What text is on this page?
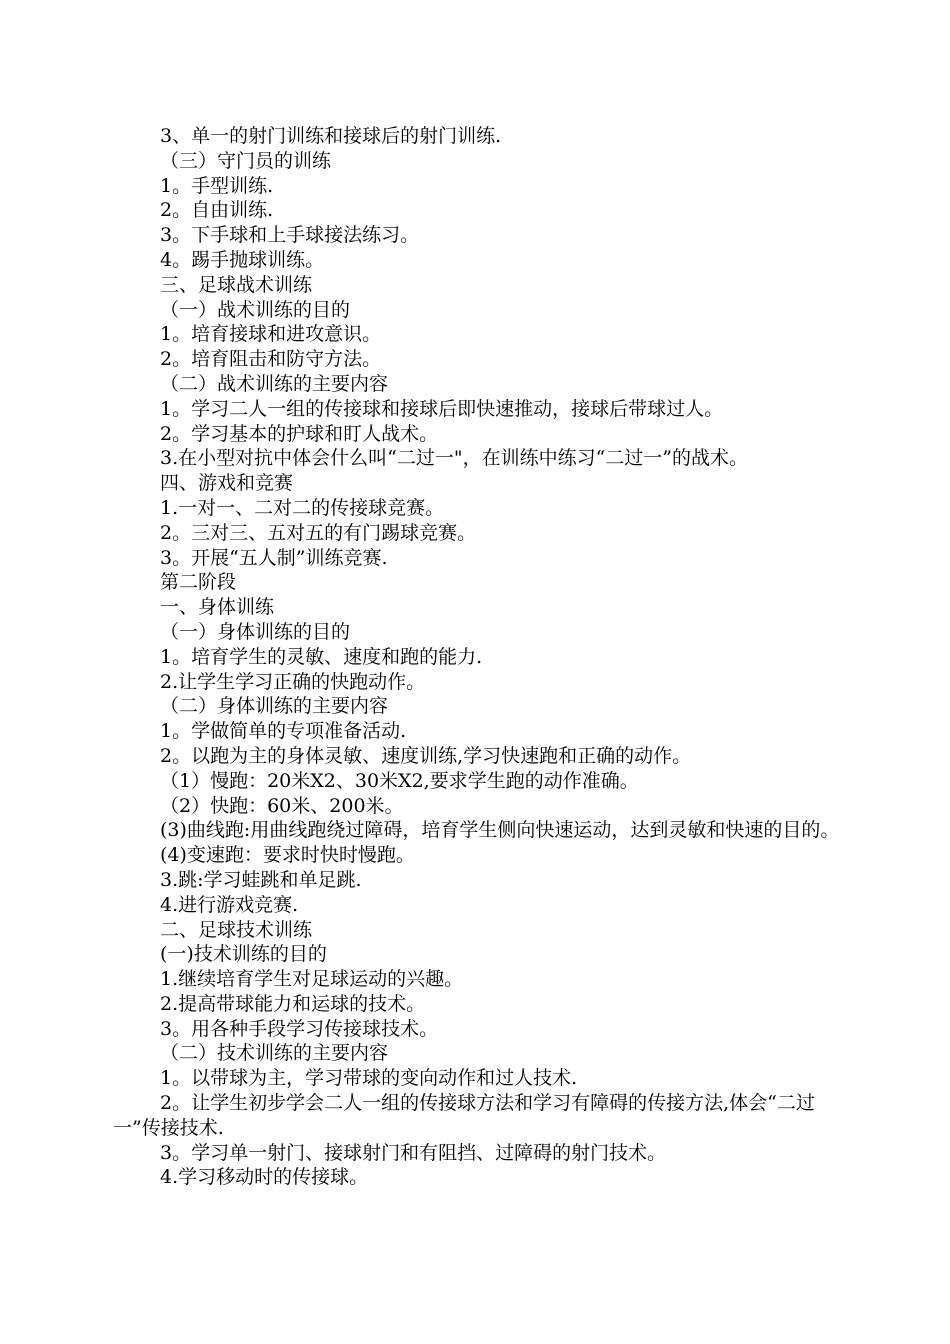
3、单一的射门训练和接球后的射门训练.

（三）守门员的训练

1。手型训练.

2。自由训练.

3。下手球和上手球接法练习。

4。踢手抛球训练。

三、足球战术训练

（一）战术训练的目的

1。培育接球和进攻意识。

2。培育阻击和防守方法。

（二）战术训练的主要内容

1。学习二人一组的传接球和接球后即快速推动，接球后带球过人。

2。学习基本的护球和盯人战术。

3.在小型对抗中体会什么叫“二过一"，在训练中练习“二过一”的战术。

四、游戏和竞赛

1.一对一、二对二的传接球竞赛。

2。三对三、五对五的有门踢球竞赛。

3。开展“五人制”训练竞赛.

第二阶段

一、身体训练

（一）身体训练的目的

1。培育学生的灵敏、速度和跑的能力.

2.让学生学习正确的快跑动作。

（二）身体训练的主要内容

1。学做简单的专项准备活动.

2。以跑为主的身体灵敏、速度训练,学习快速跑和正确的动作。

（1）慢跑：20米X2、30米X2,要求学生跑的动作准确。

（2）快跑：60米、200米。

(3)曲线跑:用曲线跑绕过障碍，培育学生侧向快速运动，达到灵敏和快速的目的。

(4)变速跑：要求时快时慢跑。

3.跳:学习蛙跳和单足跳.

4.进行游戏竞赛.

二、足球技术训练

(一)技术训练的目的

1.继续培育学生对足球运动的兴趣。

2.提高带球能力和运球的技术。

3。用各种手段学习传接球技术。

（二）技术训练的主要内容

1。以带球为主，学习带球的变向动作和过人技术.

2。让学生初步学会二人一组的传接球方法和学习有障碍的传接方法,体会“二过一”传接技术.

3。学习单一射门、接球射门和有阻挡、过障碍的射门技术。

4.学习移动时的传接球。
